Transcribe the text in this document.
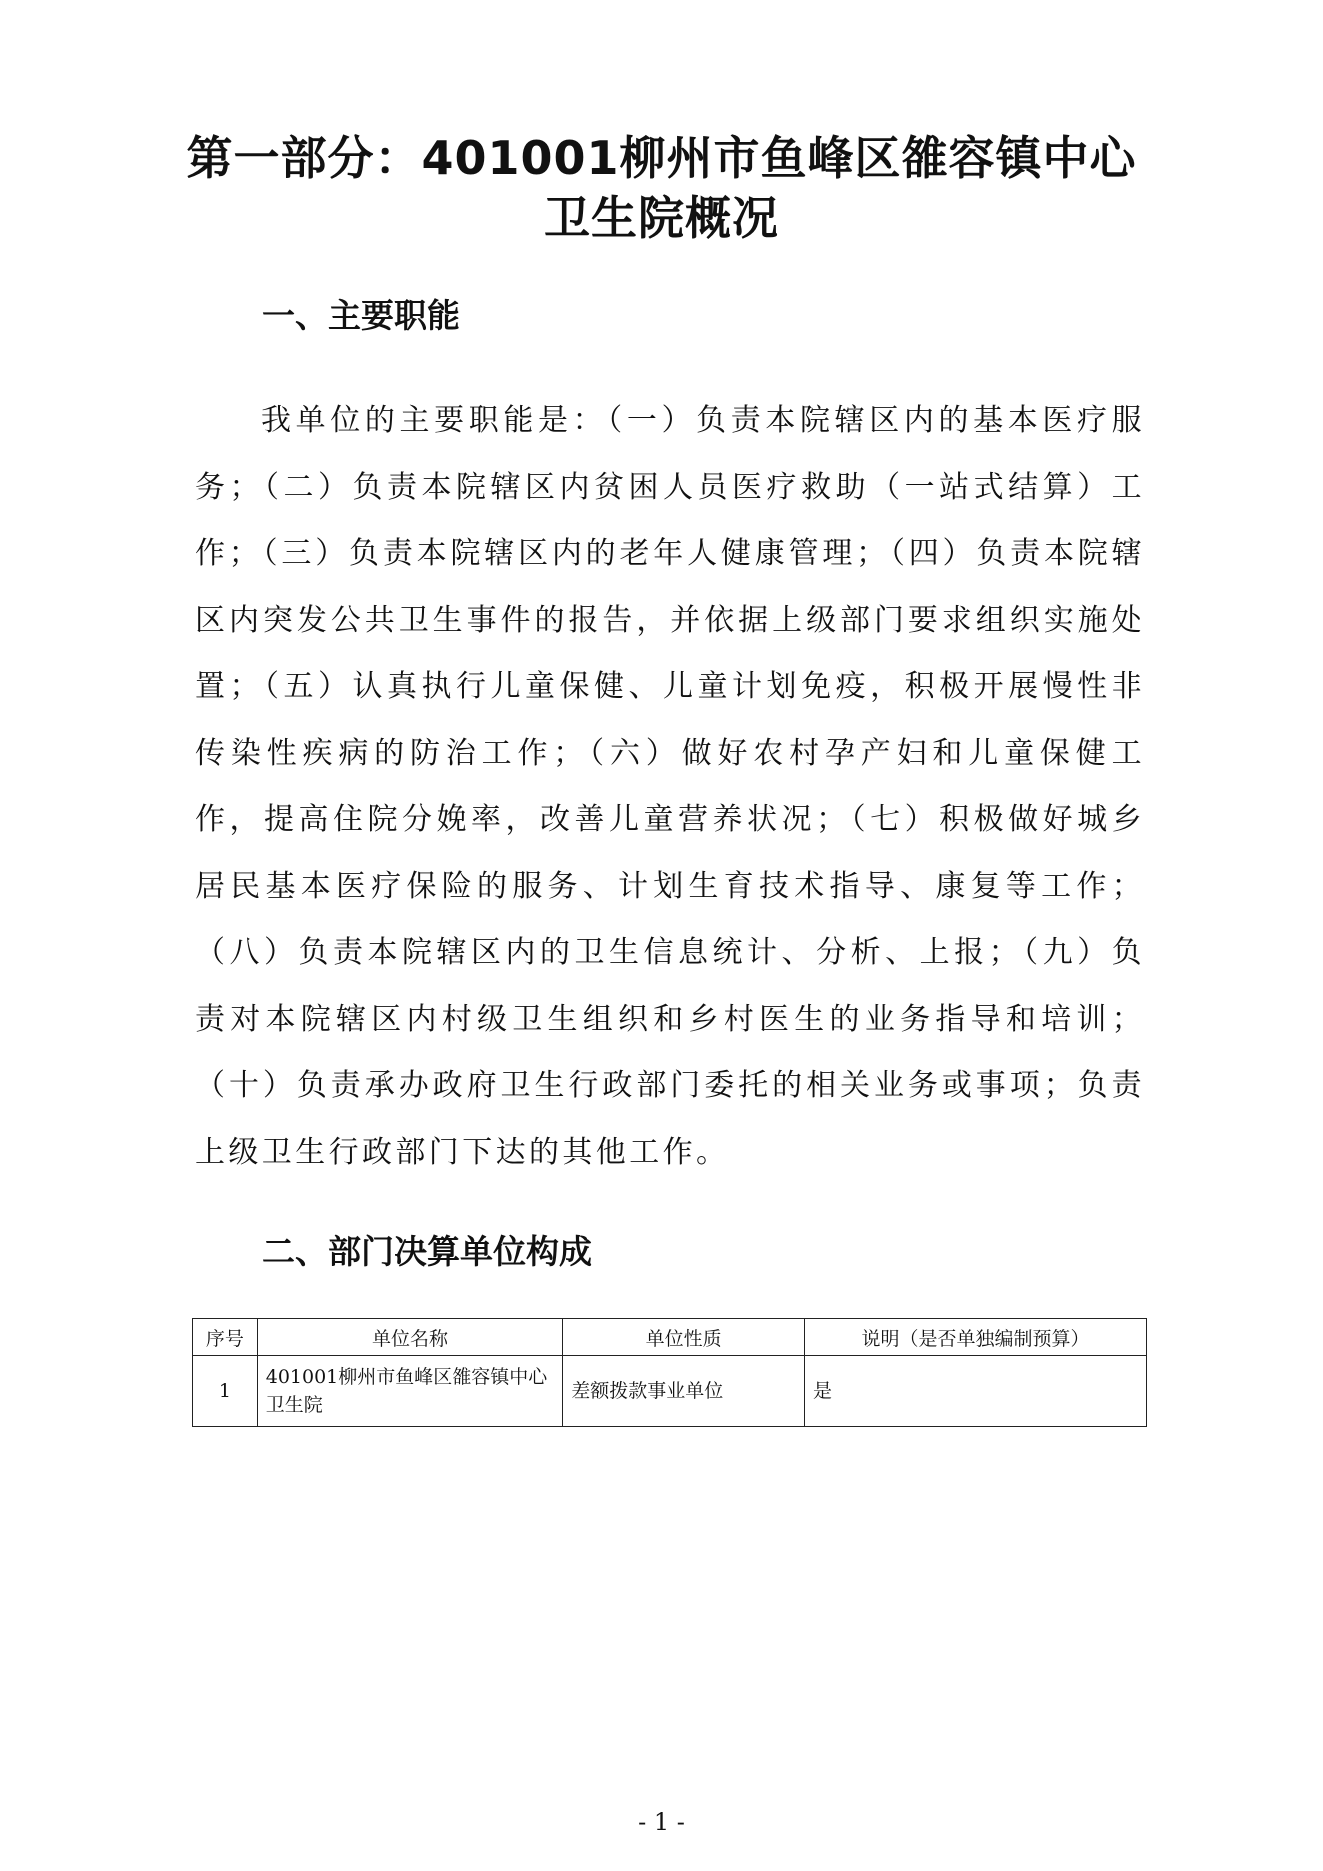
第一部分：401001柳州市鱼峰区雒容镇中心
卫生院概况
一、主要职能

我单位的主要职能是：（一）负责本院辖区内的基本医疗服务；（二）负责本院辖区内贫困人员医疗救助（一站式结算）工作；（三）负责本院辖区内的老年人健康管理；（四）负责本院辖区内突发公共卫生事件的报告，并依据上级部门要求组织实施处置；（五）认真执行儿童保健、儿童计划免疫，积极开展慢性非传染性疾病的防治工作；（六）做好农村孕产妇和儿童保健工作，提高住院分娩率，改善儿童营养状况；（七）积极做好城乡居民基本医疗保险的服务、计划生育技术指导、康复等工作；（八）负责本院辖区内的卫生信息统计、分析、上报；（九）负责对本院辖区内村级卫生组织和乡村医生的业务指导和培训；（十）负责承办政府卫生行政部门委托的相关业务或事项；负责上级卫生行政部门下达的其他工作。

二、部门决算单位构成
序号	单位名称	单位性质	说明（是否单独编制预算）
1	401001柳州市鱼峰区雒容镇中心卫生院	差额拨款事业单位	是
- 1 -
